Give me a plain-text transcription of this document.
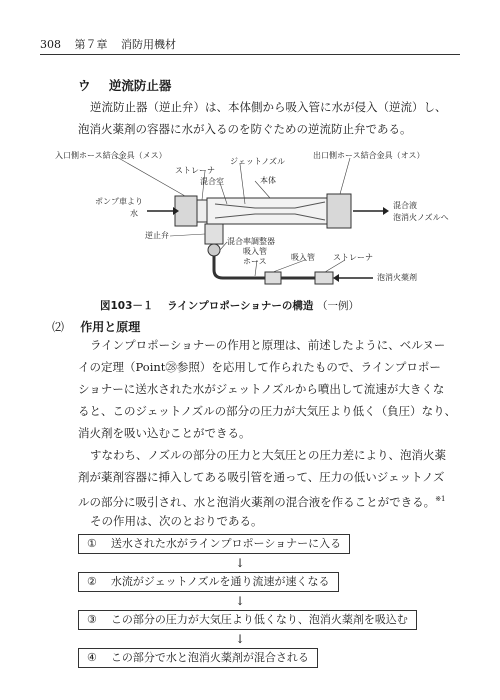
308 第７章 消防用機材
ウ 逆流防止器

逆流防止器（逆止弁）は、本体側から吸入管に水が侵入（逆流）し、

泡消火薬剤の容器に水が入るのを防ぐための逆流防止弁である。

入口側ホース結合金具（メス）
ストレーナ
ジェットノズル
混合室	本体
出口側ホース結合金具（オス）
ポンプ車より
水
混合液
泡消火ノズルへ
逆止弁
混合率調整器
吸入管
ホース	吸入管 ストレーナ
泡消火薬剤
図103－１ ラインプロポーショナーの構造 （一例）
⑵ 作用と原理

ラインプロポーショナーの作用と原理は、前述したように、ベルヌー

イの定理（Point㉘参照）を応用して作られたもので、ラインプロポー

ショナーに送水された水がジェットノズルから噴出して流速が大きくな

ると、このジェットノズルの部分の圧力が大気圧より低く（負圧）なり、

消火剤を吸い込むことができる。

すなわち、ノズルの部分の圧力と大気圧との圧力差により、泡消火薬

剤が薬剤容器に挿入してある吸引管を通って、圧力の低いジェットノズ

ルの部分に吸引され、水と泡消火薬剤の混合液を作ることができる。$^{※1}$

その作用は、次のとおりである。

① 送水された水がラインプロポーショナーに入る
↓
② 水流がジェットノズルを通り流速が速くなる
↓
③ この部分の圧力が大気圧より低くなり、泡消火薬剤を吸込む
↓
④ この部分で水と泡消火薬剤が混合される
